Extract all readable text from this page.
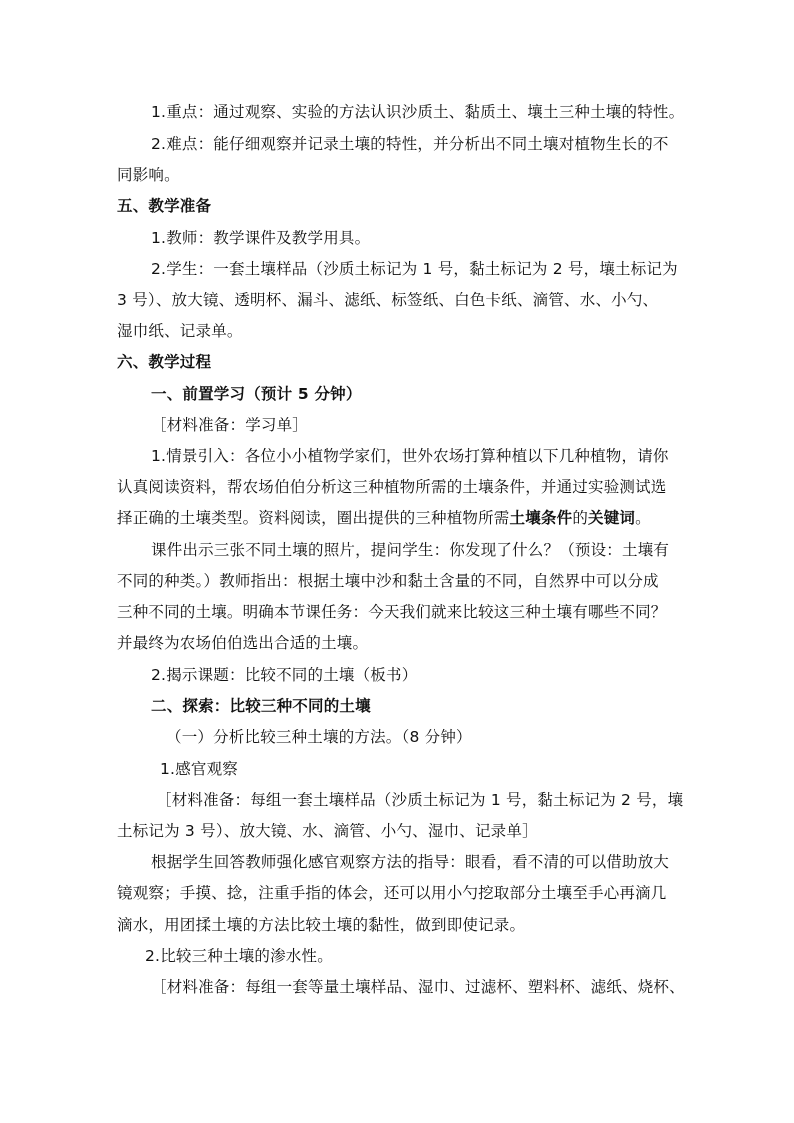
1.重点：通过观察、实验的方法认识沙质土、黏质土、壤土三种土壤的特性。
2.难点：能仔细观察并记录土壤的特性，并分析出不同土壤对植物生长的不
同影响。
五、教学准备
1.教师：教学课件及教学用具。
2.学生：一套土壤样品（沙质土标记为 1 号，黏土标记为 2 号，壤土标记为
3 号）、放大镜、透明杯、漏斗、滤纸、标签纸、白色卡纸、滴管、水、小勺、
湿巾纸、记录单。
六、教学过程
一、前置学习（预计 5 分钟）
［材料准备：学习单］
1.情景引入：各位小小植物学家们，世外农场打算种植以下几种植物，请你
认真阅读资料，帮农场伯伯分析这三种植物所需的土壤条件，并通过实验测试选
择正确的土壤类型。资料阅读，圈出提供的三种植物所需土壤条件的关键词。
课件出示三张不同土壤的照片，提问学生：你发现了什么？（预设：土壤有
不同的种类。）教师指出：根据土壤中沙和黏土含量的不同，自然界中可以分成
三种不同的土壤。明确本节课任务：今天我们就来比较这三种土壤有哪些不同？
并最终为农场伯伯选出合适的土壤。
2.揭示课题：比较不同的土壤（板书）
二、探索：比较三种不同的土壤
（一）分析比较三种土壤的方法。（8 分钟）
1.感官观察
［材料准备：每组一套土壤样品（沙质土标记为 1 号，黏土标记为 2 号，壤
土标记为 3 号）、放大镜、水、滴管、小勺、湿巾、记录单］
根据学生回答教师强化感官观察方法的指导：眼看，看不清的可以借助放大
镜观察；手摸、捻，注重手指的体会，还可以用小勺挖取部分土壤至手心再滴几
滴水，用团揉土壤的方法比较土壤的黏性，做到即使记录。
2.比较三种土壤的渗水性。
［材料准备：每组一套等量土壤样品、湿巾、过滤杯、塑料杯、滤纸、烧杯、
